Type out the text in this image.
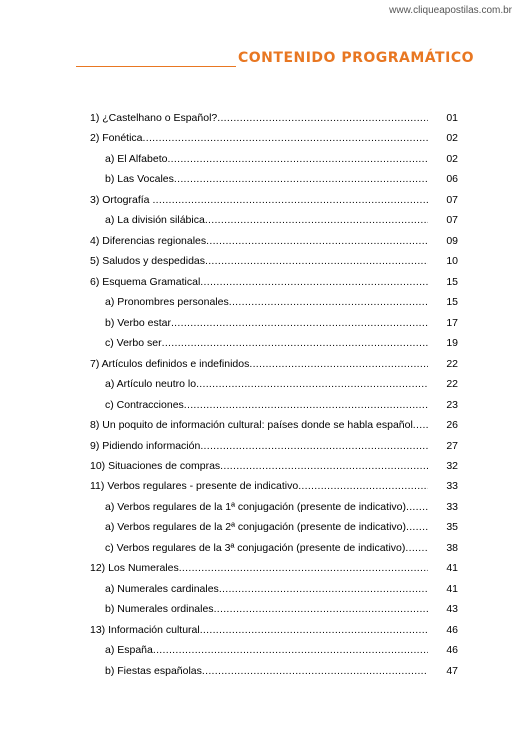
www.cliqueapostilas.com.br
CONTENIDO PROGRAMÁTICO
1) ¿Castelhano o Español? .....	01
2) Fonética .....	02
a) El Alfabeto .....	02
b) Las Vocales .....	06
3) Ortografía .....	07
a) La división silábica .....	07
4) Diferencias regionales .....	09
5) Saludos y despedidas .....	10
6) Esquema Gramatical .....	15
a) Pronombres personales .....	15
b) Verbo estar .....	17
c) Verbo ser .....	19
7) Artículos definidos e indefinidos .....	22
a) Artículo neutro lo .....	22
c) Contracciones .....	23
8) Un poquito de información cultural: países donde se habla español .....	26
9) Pidiendo información .....	27
10) Situaciones de compras .....	32
11) Verbos regulares - presente de indicativo .....	33
a) Verbos regulares de la 1ª conjugación (presente de indicativo) .....	33
a) Verbos regulares de la 2ª conjugación (presente de indicativo) .....	35
c) Verbos regulares de la 3ª conjugación (presente de indicativo) .....	38
12) Los Numerales .....	41
a) Numerales cardinales .....	41
b) Numerales ordinales .....	43
13) Información cultural .....	46
a) España .....	46
b) Fiestas españolas .....	47
